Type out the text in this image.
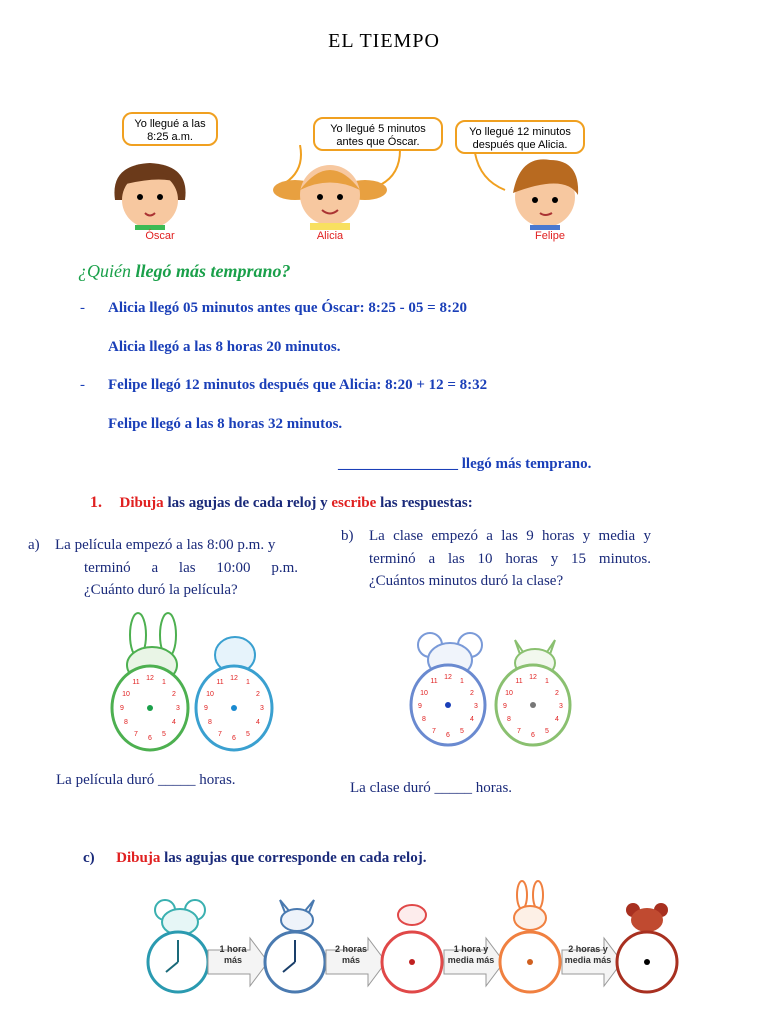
EL TIEMPO
Yo llegué a las 8:25 a.m.
Yo llegué 5 minutos antes que Óscar.
Yo llegué 12 minutos después que Alicia.
Óscar	Alicia	Felipe
¿Quién llegó más temprano?
- Alicia llegó 05 minutos antes que Óscar: 8:25 - 05 = 8:20
Alicia llegó a las 8 horas 20 minutos.
- Felipe llegó 12 minutos después que Alicia: 8:20 + 12 = 8:32
Felipe llegó a las 8 horas 32 minutos.
________________ llegó más temprano.
1. Dibuja las agujas de cada reloj y escribe las respuestas:
a) La película empezó a las 8:00 p.m. y
terminó a las 10:00 p.m.
¿Cuánto duró la película?
b) La clase empezó a las 9 horas y media y
terminó a las 10 horas y 15 minutos.
¿Cuántos minutos duró la clase?
12
1
2
3
4
5
6
7
8
9
10
11
12
1
2
3
4
5
6
7
8
9
10
11
La película duró _____ horas.
12
1
2
3
4
5
6
7
8
9
10
11
12
1
2
3
4
5
6
7
8
9
10
11
La clase duró _____ horas.
c) Dibuja las agujas que corresponde en cada reloj.
1 hora
más
2 horas
más
1 hora y
media más
2 horas y
media más
